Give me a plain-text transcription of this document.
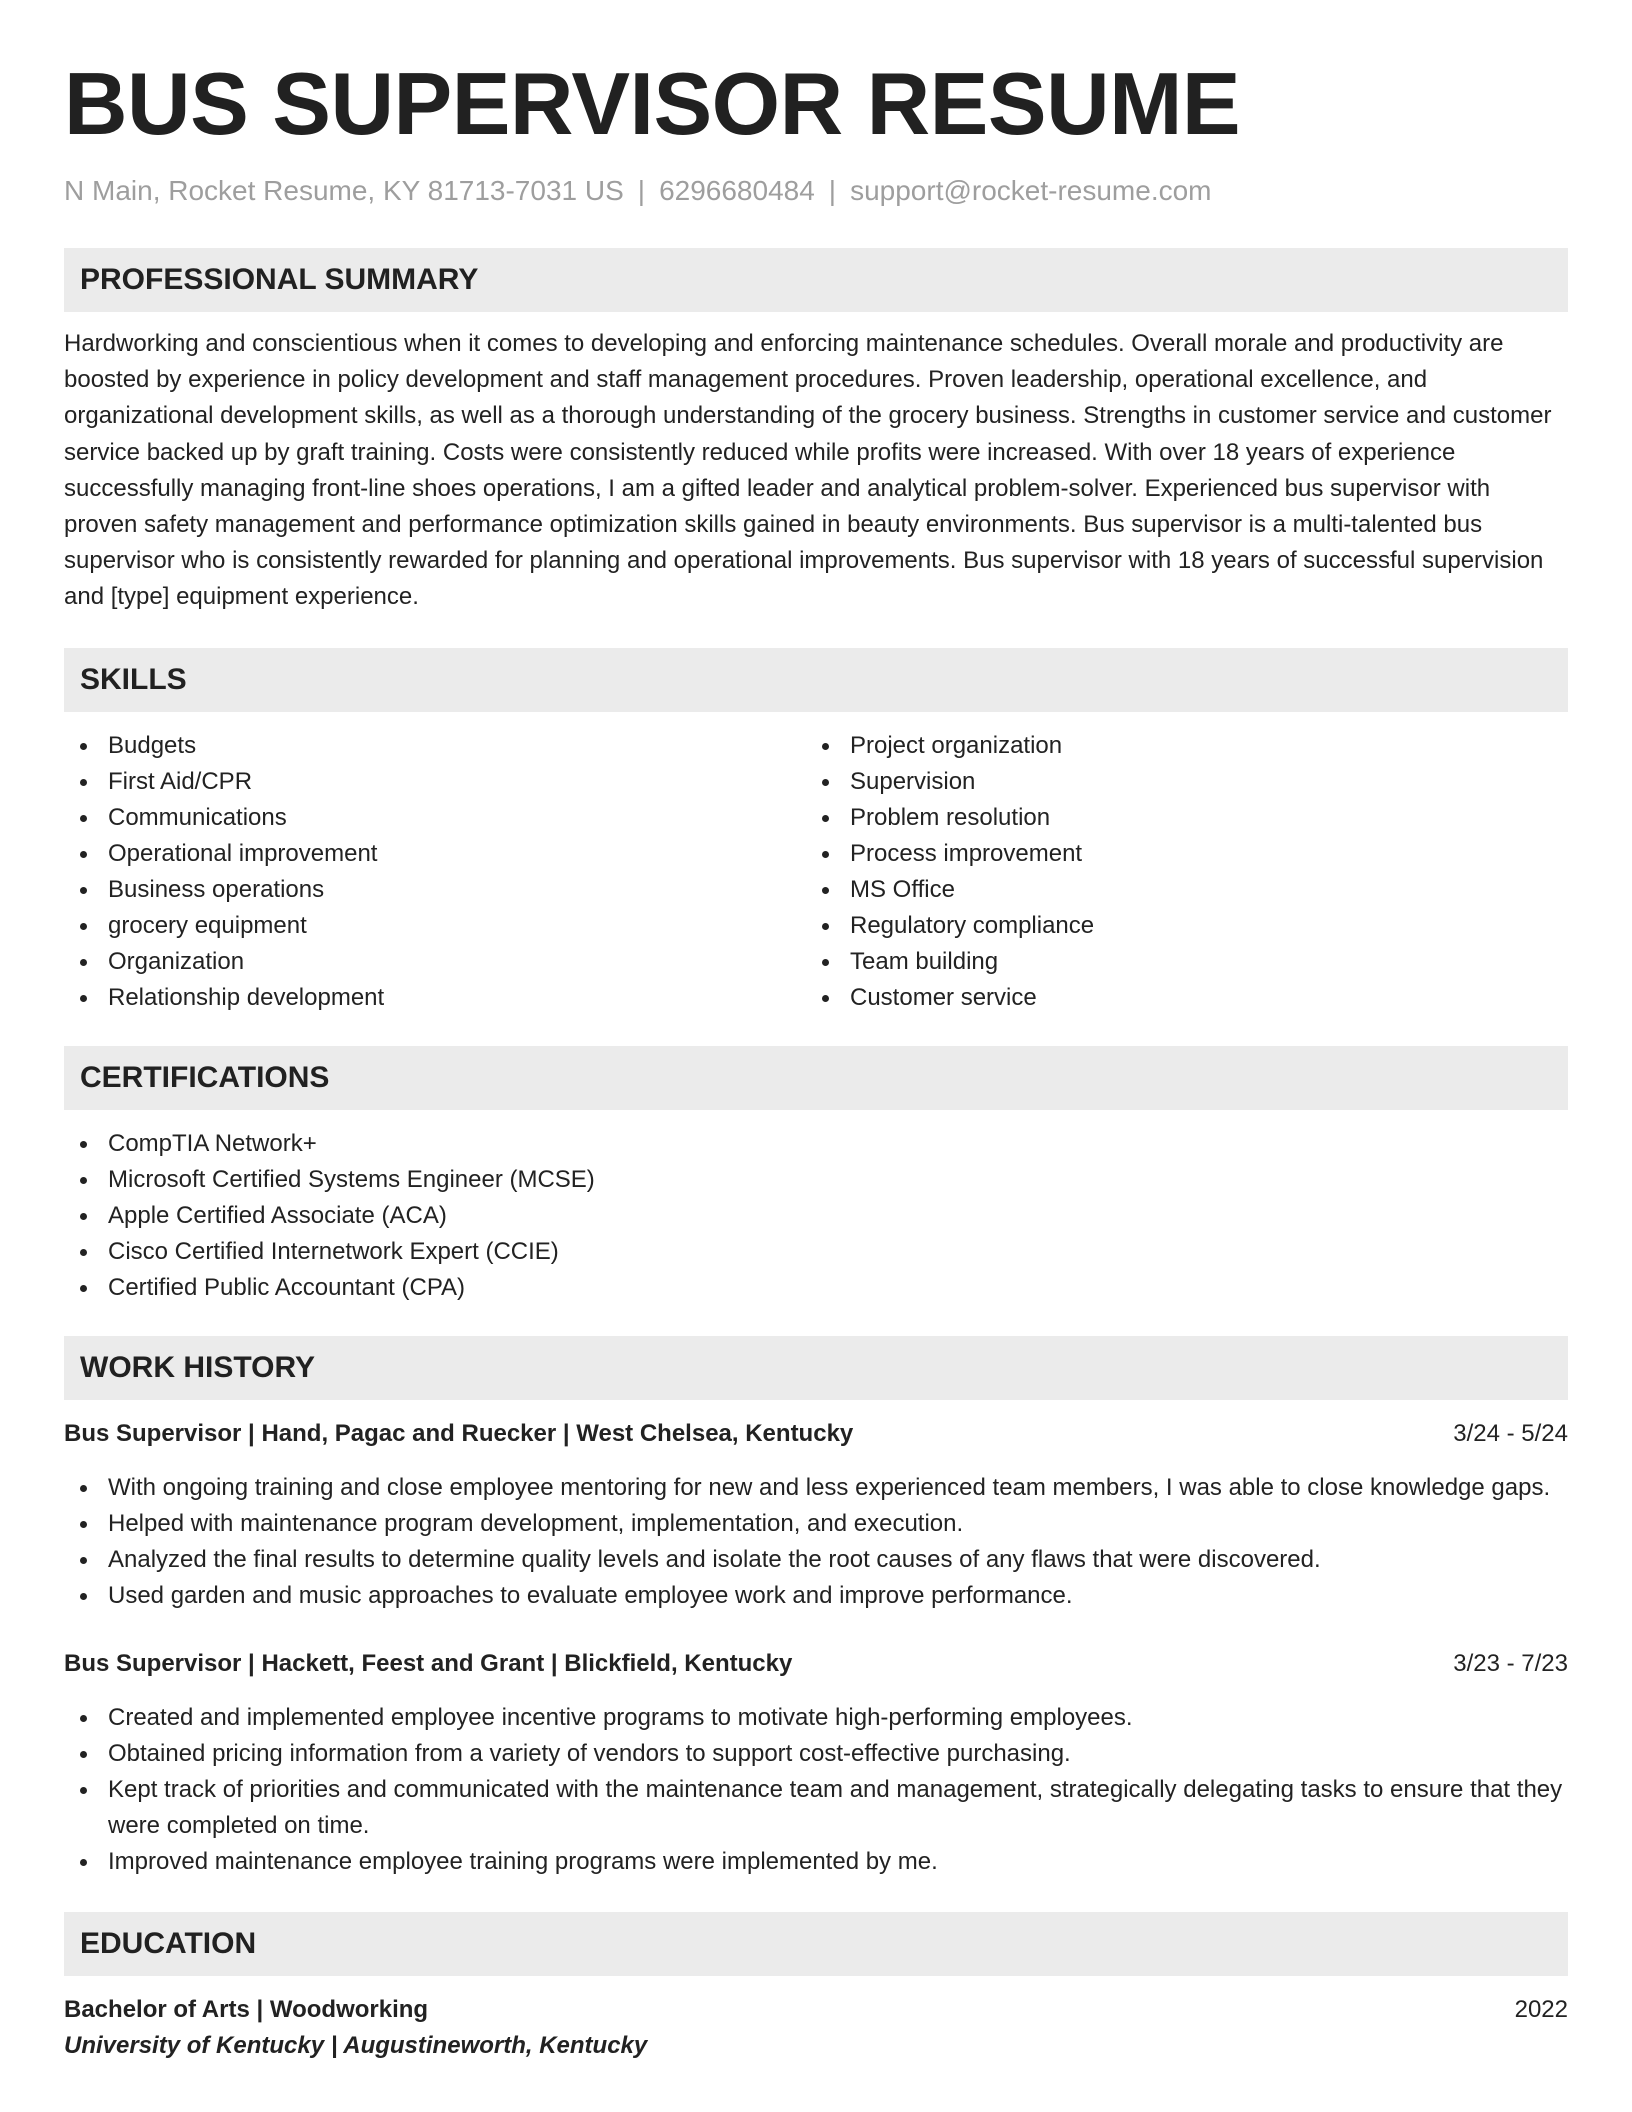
BUS SUPERVISOR RESUME
N Main, Rocket Resume, KY 81713-7031 US | 6296680484 | support@rocket-resume.com
PROFESSIONAL SUMMARY
Hardworking and conscientious when it comes to developing and enforcing maintenance schedules. Overall morale and productivity are boosted by experience in policy development and staff management procedures. Proven leadership, operational excellence, and organizational development skills, as well as a thorough understanding of the grocery business. Strengths in customer service and customer service backed up by graft training. Costs were consistently reduced while profits were increased. With over 18 years of experience successfully managing front-line shoes operations, I am a gifted leader and analytical problem-solver. Experienced bus supervisor with proven safety management and performance optimization skills gained in beauty environments. Bus supervisor is a multi-talented bus supervisor who is consistently rewarded for planning and operational improvements. Bus supervisor with 18 years of successful supervision and [type] equipment experience.
SKILLS
Budgets
First Aid/CPR
Communications
Operational improvement
Business operations
grocery equipment
Organization
Relationship development
Project organization
Supervision
Problem resolution
Process improvement
MS Office
Regulatory compliance
Team building
Customer service
CERTIFICATIONS
CompTIA Network+
Microsoft Certified Systems Engineer (MCSE)
Apple Certified Associate (ACA)
Cisco Certified Internetwork Expert (CCIE)
Certified Public Accountant (CPA)
WORK HISTORY
Bus Supervisor | Hand, Pagac and Ruecker | West Chelsea, Kentucky	3/24 - 5/24
With ongoing training and close employee mentoring for new and less experienced team members, I was able to close knowledge gaps.
Helped with maintenance program development, implementation, and execution.
Analyzed the final results to determine quality levels and isolate the root causes of any flaws that were discovered.
Used garden and music approaches to evaluate employee work and improve performance.
Bus Supervisor | Hackett, Feest and Grant | Blickfield, Kentucky	3/23 - 7/23
Created and implemented employee incentive programs to motivate high-performing employees.
Obtained pricing information from a variety of vendors to support cost-effective purchasing.
Kept track of priorities and communicated with the maintenance team and management, strategically delegating tasks to ensure that they were completed on time.
Improved maintenance employee training programs were implemented by me.
EDUCATION
Bachelor of Arts | Woodworking	2022
University of Kentucky | Augustineworth, Kentucky
